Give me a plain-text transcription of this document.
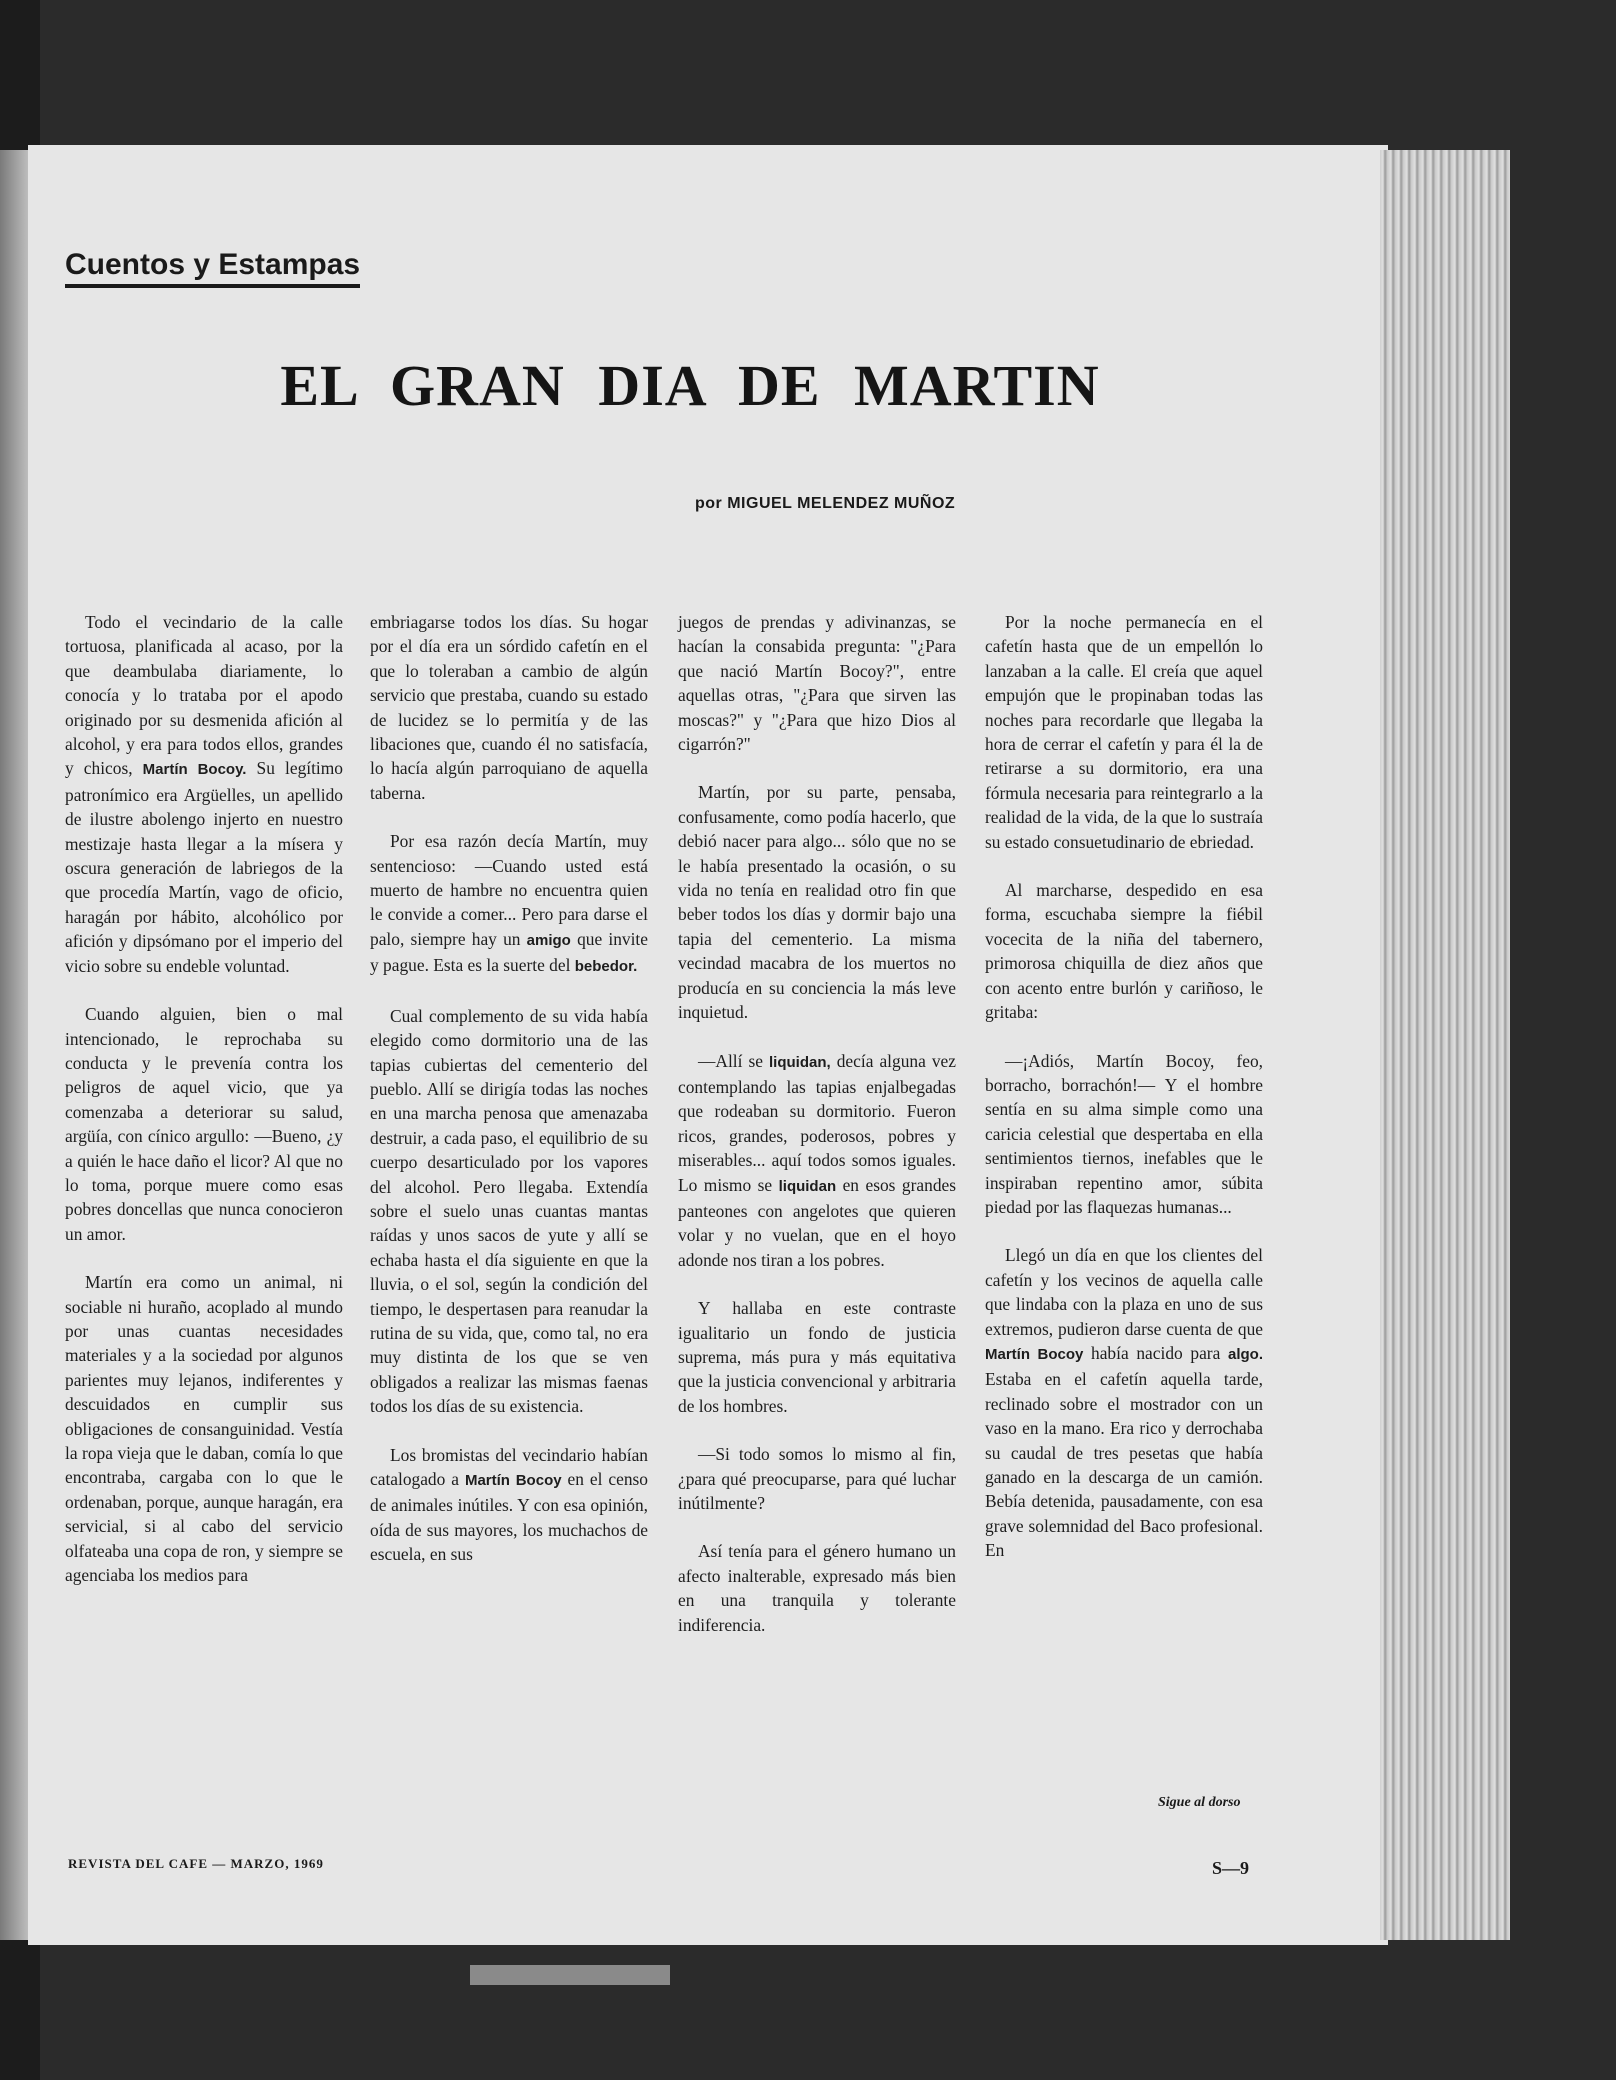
Cuentos y Estampas
EL GRAN DIA DE MARTIN
por MIGUEL MELENDEZ MUÑOZ

Todo el vecindario de la calle tortuosa, planificada al acaso, por la que deambulaba diariamente, lo conocía y lo trataba por el apodo originado por su desmenida afición al alcohol, y era para todos ellos, grandes y chicos, Martín Bocoy. Su legítimo patronímico era Argüelles, un apellido de ilustre abolengo injerto en nuestro mestizaje hasta llegar a la mísera y oscura generación de labriegos de la que procedía Martín, vago de oficio, haragán por hábito, alcohólico por afición y dipsómano por el imperio del vicio sobre su endeble voluntad.

Cuando alguien, bien o mal intencionado, le reprochaba su conducta y le prevenía contra los peligros de aquel vicio, que ya comenzaba a deteriorar su salud, argüía, con cínico argullo: —Bueno, ¿y a quién le hace daño el licor? Al que no lo toma, porque muere como esas pobres doncellas que nunca conocieron un amor.

Martín era como un animal, ni sociable ni huraño, acoplado al mundo por unas cuantas necesidades materiales y a la sociedad por algunos parientes muy lejanos, indiferentes y descuidados en cumplir sus obligaciones de consanguinidad. Vestía la ropa vieja que le daban, comía lo que encontraba, cargaba con lo que le ordenaban, porque, aunque haragán, era servicial, si al cabo del servicio olfateaba una copa de ron, y siempre se agenciaba los medios para

embriagarse todos los días. Su hogar por el día era un sórdido cafetín en el que lo toleraban a cambio de algún servicio que prestaba, cuando su estado de lucidez se lo permitía y de las libaciones que, cuando él no satisfacía, lo hacía algún parroquiano de aquella taberna.

Por esa razón decía Martín, muy sentencioso: —Cuando usted está muerto de hambre no encuentra quien le convide a comer... Pero para darse el palo, siempre hay un amigo que invite y pague. Esta es la suerte del bebedor.

Cual complemento de su vida había elegido como dormitorio una de las tapias cubiertas del cementerio del pueblo. Allí se dirigía todas las noches en una marcha penosa que amenazaba destruir, a cada paso, el equilibrio de su cuerpo desarticulado por los vapores del alcohol. Pero llegaba. Extendía sobre el suelo unas cuantas mantas raídas y unos sacos de yute y allí se echaba hasta el día siguiente en que la lluvia, o el sol, según la condición del tiempo, le despertasen para reanudar la rutina de su vida, que, como tal, no era muy distinta de los que se ven obligados a realizar las mismas faenas todos los días de su existencia.

Los bromistas del vecindario habían catalogado a Martín Bocoy en el censo de animales inútiles. Y con esa opinión, oída de sus mayores, los muchachos de escuela, en sus

juegos de prendas y adivinanzas, se hacían la consabida pregunta: "¿Para que nació Martín Bocoy?", entre aquellas otras, "¿Para que sirven las moscas?" y "¿Para que hizo Dios al cigarrón?"

Martín, por su parte, pensaba, confusamente, como podía hacerlo, que debió nacer para algo... sólo que no se le había presentado la ocasión, o su vida no tenía en realidad otro fin que beber todos los días y dormir bajo una tapia del cementerio. La misma vecindad macabra de los muertos no producía en su conciencia la más leve inquietud.

—Allí se liquidan, decía alguna vez contemplando las tapias enjalbegadas que rodeaban su dormitorio. Fueron ricos, grandes, poderosos, pobres y miserables... aquí todos somos iguales. Lo mismo se liquidan en esos grandes panteones con angelotes que quieren volar y no vuelan, que en el hoyo adonde nos tiran a los pobres.

Y hallaba en este contraste igualitario un fondo de justicia suprema, más pura y más equitativa que la justicia convencional y arbitraria de los hombres.

—Si todo somos lo mismo al fin, ¿para qué preocuparse, para qué luchar inútilmente?

Así tenía para el género humano un afecto inalterable, expresado más bien en una tranquila y tolerante indiferencia.

Por la noche permanecía en el cafetín hasta que de un empellón lo lanzaban a la calle. El creía que aquel empujón que le propinaban todas las noches para recordarle que llegaba la hora de cerrar el cafetín y para él la de retirarse a su dormitorio, era una fórmula necesaria para reintegrarlo a la realidad de la vida, de la que lo sustraía su estado consuetudinario de ebriedad.

Al marcharse, despedido en esa forma, escuchaba siempre la fiébil vocecita de la niña del tabernero, primorosa chiquilla de diez años que con acento entre burlón y cariñoso, le gritaba:

—¡Adiós, Martín Bocoy, feo, borracho, borrachón!— Y el hombre sentía en su alma simple como una caricia celestial que despertaba en ella sentimientos tiernos, inefables que le inspiraban repentino amor, súbita piedad por las flaquezas humanas...

Llegó un día en que los clientes del cafetín y los vecinos de aquella calle que lindaba con la plaza en uno de sus extremos, pudieron darse cuenta de que Martín Bocoy había nacido para algo. Estaba en el cafetín aquella tarde, reclinado sobre el mostrador con un vaso en la mano. Era rico y derrochaba su caudal de tres pesetas que había ganado en la descarga de un camión. Bebía detenida, pausadamente, con esa grave solemnidad del Baco profesional. En

Sigue al dorso
REVISTA DEL CAFE — MARZO, 1969	S—9
